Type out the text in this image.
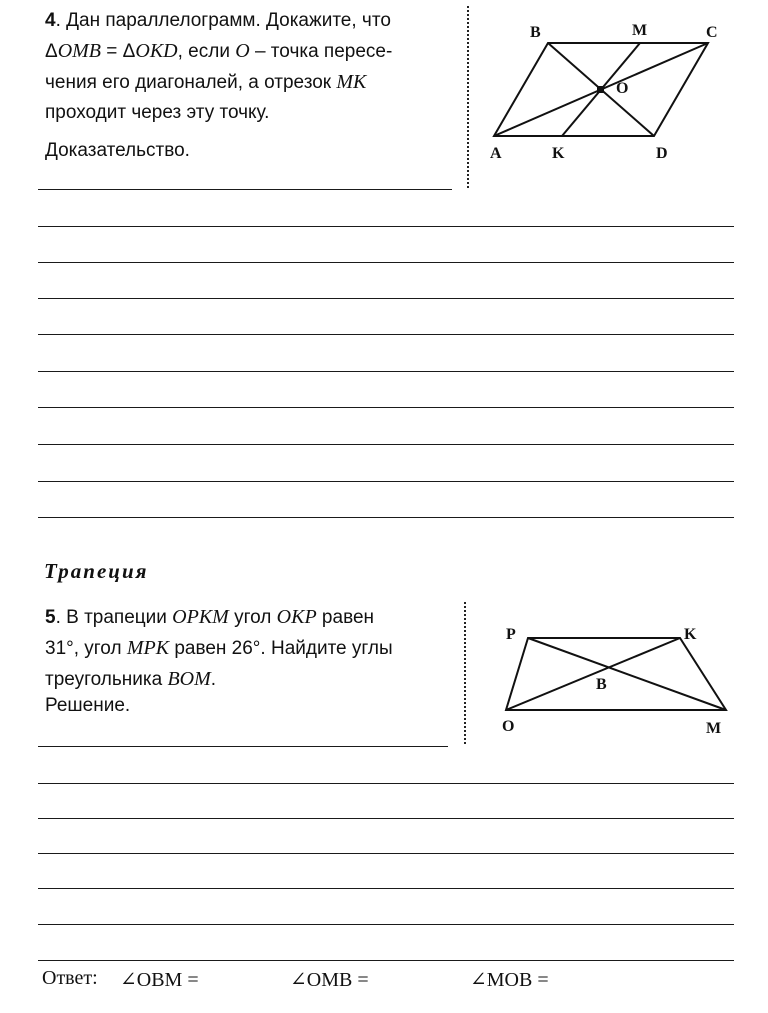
4. Дан параллелограмм. Докажите, что
ΔOMB = ΔOKD, если O – точка пересе-
чения его диагоналей, а отрезок MK
проходит через эту точку.
Доказательство.	A
B	C
D
M
K
O
Трапеция
5. В трапеции OPKM угол OKP равен
31°, угол MPK равен 26°. Найдите углы
треугольника BOM.
Решение.
P	K
B
O	M
Ответ: ∠OBM =	∠OMB =	∠MOB =
